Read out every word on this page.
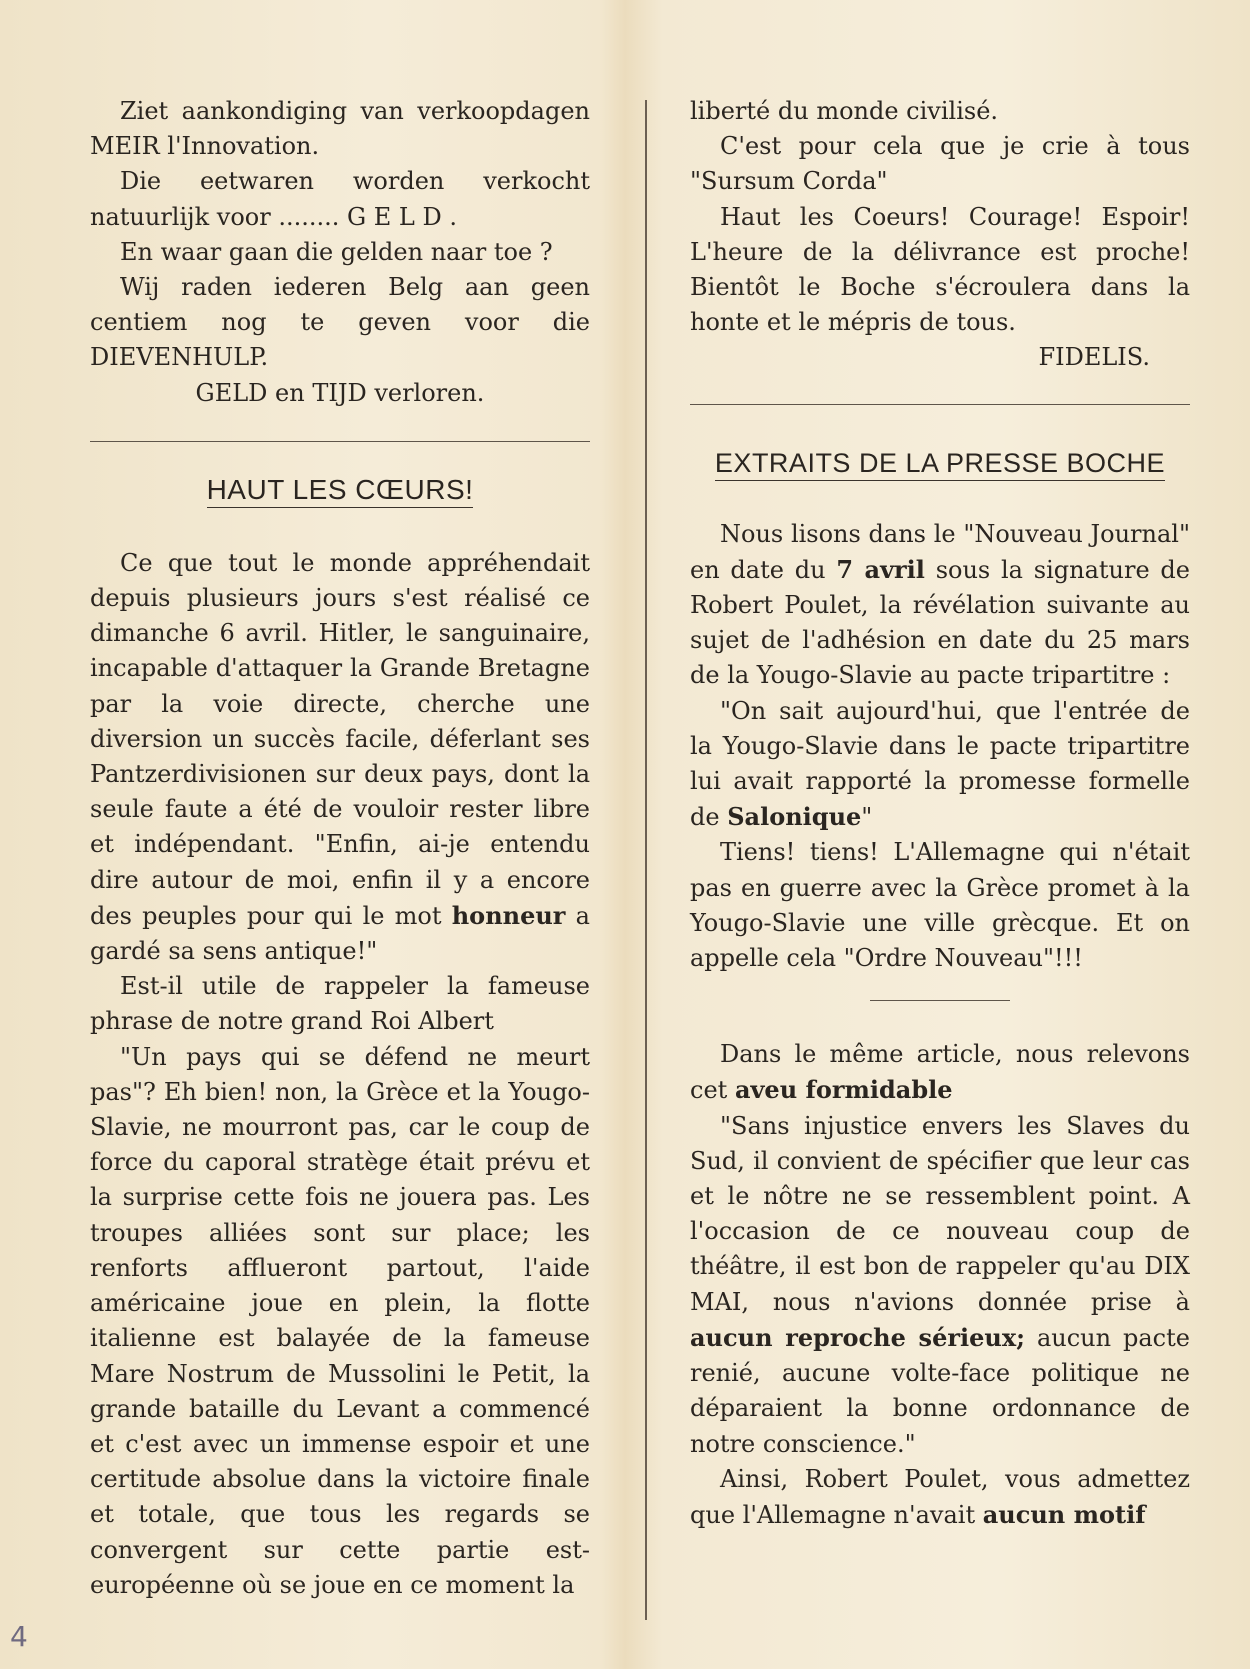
Ziet aankondiging van verkoopdagen MEIR l'Innovation.

Die eetwaren worden verkocht natuurlijk voor ........ G E L D .

En waar gaan die gelden naar toe ?

Wij raden iederen Belg aan geen centiem nog te geven voor die DIEVENHULP.

GELD en TIJD verloren.

HAUT LES CŒURS!

Ce que tout le monde appréhendait depuis plusieurs jours s'est réalisé ce dimanche 6 avril. Hitler, le sanguinaire, incapable d'attaquer la Grande Bretagne par la voie directe, cherche une diversion un succès facile, déferlant ses Pantzerdivisionen sur deux pays, dont la seule faute a été de vouloir rester libre et indépendant. "Enfin, ai-je entendu dire autour de moi, enfin il y a encore des peuples pour qui le mot honneur a gardé sa sens antique!"

Est-il utile de rappeler la fameuse phrase de notre grand Roi Albert

"Un pays qui se défend ne meurt pas"? Eh bien! non, la Grèce et la Yougo-Slavie, ne mourront pas, car le coup de force du caporal stratège était prévu et la surprise cette fois ne jouera pas. Les troupes alliées sont sur place; les renforts afflueront partout, l'aide américaine joue en plein, la flotte italienne est balayée de la fameuse Mare Nostrum de Mussolini le Petit, la grande bataille du Levant a commencé et c'est avec un immense espoir et une certitude absolue dans la victoire finale et totale, que tous les regards se convergent sur cette partie est-européenne où se joue en ce moment la

liberté du monde civilisé.

C'est pour cela que je crie à tous "Sursum Corda"

Haut les Coeurs! Courage! Espoir! L'heure de la délivrance est proche! Bientôt le Boche s'écroulera dans la honte et le mépris de tous.

FIDELIS.

EXTRAITS DE LA PRESSE BOCHE

Nous lisons dans le "Nouveau Journal" en date du 7 avril sous la signature de Robert Poulet, la révélation suivante au sujet de l'adhésion en date du 25 mars de la Yougo-Slavie au pacte tripartitre :

"On sait aujourd'hui, que l'entrée de la Yougo-Slavie dans le pacte tripartitre lui avait rapporté la promesse formelle de Salonique"

Tiens! tiens! L'Allemagne qui n'était pas en guerre avec la Grèce promet à la Yougo-Slavie une ville grècque. Et on appelle cela "Ordre Nouveau"!!!

Dans le même article, nous relevons cet aveu formidable

"Sans injustice envers les Slaves du Sud, il convient de spécifier que leur cas et le nôtre ne se ressemblent point. A l'occasion de ce nouveau coup de théâtre, il est bon de rappeler qu'au DIX MAI, nous n'avions donnée prise à aucun reproche sérieux; aucun pacte renié, aucune volte-face politique ne déparaient la bonne ordonnance de notre conscience."

Ainsi, Robert Poulet, vous admettez que l'Allemagne n'avait aucun motif

4
